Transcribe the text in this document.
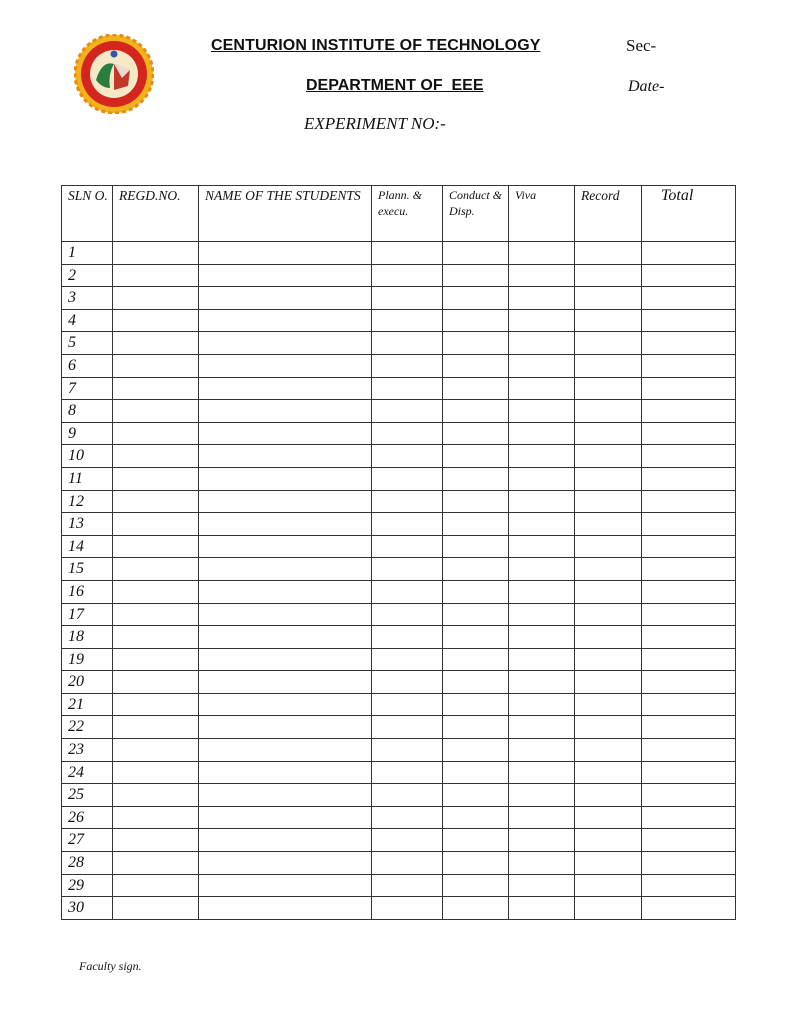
CENTURION INSTITUTE OF TECHNOLOGY	Sec-
DEPARTMENT OF  EEE	Date-
EXPERIMENT NO:-
SLN O.	REGD.NO.	NAME OF THE STUDENTS	Plann. & execu.	Conduct & Disp.	Viva	Record	Total
1							
2							
3							
4							
5							
6							
7							
8							
9							
10							
11							
12							
13							
14							
15							
16							
17							
18							
19							
20							
21							
22							
23							
24							
25							
26							
27							
28							
29							
30							
Faculty sign.
